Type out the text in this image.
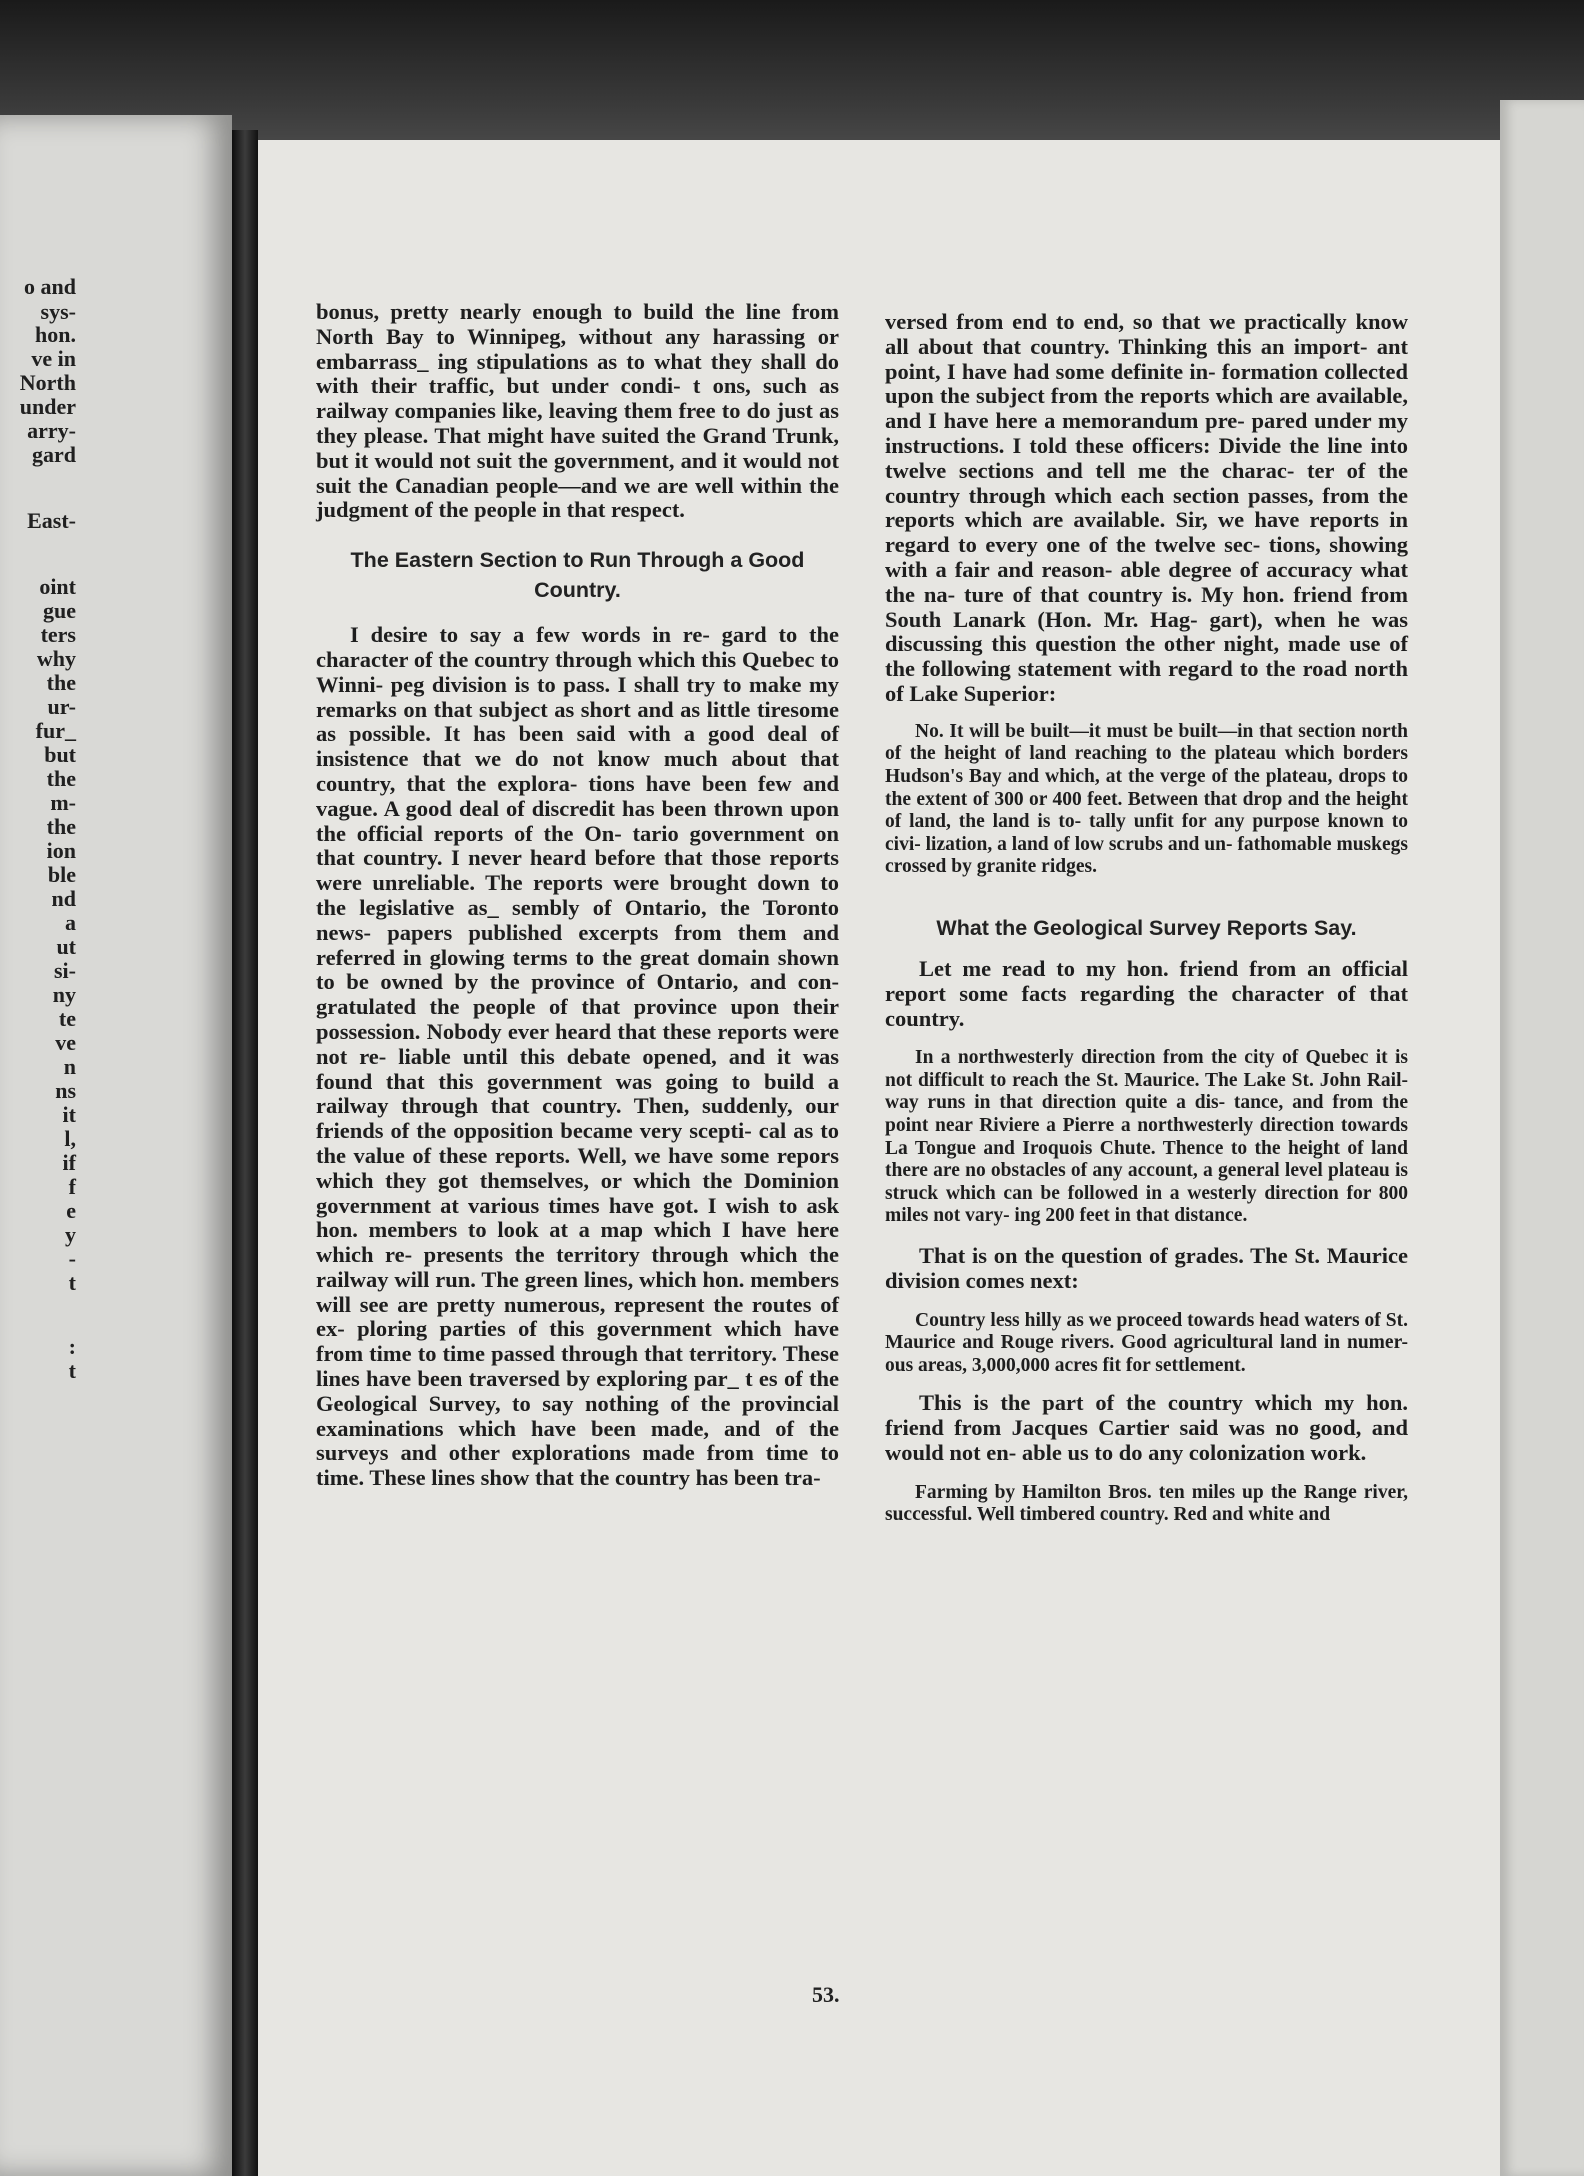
o and
sys-
hon.
ve in
North
under
arry-
gard
East-
oint
gue
ters
why
the
ur-
fur_
but
the
m-
the
ion
ble
nd
a
ut
si-
ny
te
ve
n
ns
it
l,
if
f
e
y
-
t
:
t

bonus, pretty nearly enough to build the line from North Bay to Winnipeg, without any harassing or embarrass_ ing stipulations as to what they shall do with their traffic, but under condi- t ons, such as railway companies like, leaving them free to do just as they please. That might have suited the Grand Trunk, but it would not suit the government, and it would not suit the Canadian people—and we are well within the judgment of the people in that respect.

The Eastern Section to Run Through a Good Country.

I desire to say a few words in re- gard to the character of the country through which this Quebec to Winni- peg division is to pass. I shall try to make my remarks on that subject as short and as little tiresome as possible. It has been said with a good deal of insistence that we do not know much about that country, that the explora- tions have been few and vague. A good deal of discredit has been thrown upon the official reports of the On- tario government on that country. I never heard before that those reports were unreliable. The reports were brought down to the legislative as_ sembly of Ontario, the Toronto news- papers published excerpts from them and referred in glowing terms to the great domain shown to be owned by the province of Ontario, and con- gratulated the people of that province upon their possession. Nobody ever heard that these reports were not re- liable until this debate opened, and it was found that this government was going to build a railway through that country. Then, suddenly, our friends of the opposition became very scepti- cal as to the value of these reports. Well, we have some repors which they got themselves, or which the Dominion government at various times have got. I wish to ask hon. members to look at a map which I have here which re- presents the territory through which the railway will run. The green lines, which hon. members will see are pretty numerous, represent the routes of ex- ploring parties of this government which have from time to time passed through that territory. These lines have been traversed by exploring par_ t es of the Geological Survey, to say nothing of the provincial examinations which have been made, and of the surveys and other explorations made from time to time. These lines show that the country has been tra-

versed from end to end, so that we practically know all about that country. Thinking this an import- ant point, I have had some definite in- formation collected upon the subject from the reports which are available, and I have here a memorandum pre- pared under my instructions. I told these officers: Divide the line into twelve sections and tell me the charac- ter of the country through which each section passes, from the reports which are available. Sir, we have reports in regard to every one of the twelve sec- tions, showing with a fair and reason- able degree of accuracy what the na- ture of that country is. My hon. friend from South Lanark (Hon. Mr. Hag- gart), when he was discussing this question the other night, made use of the following statement with regard to the road north of Lake Superior:

No. It will be built—it must be built—in that section north of the height of land reaching to the plateau which borders Hudson's Bay and which, at the verge of the plateau, drops to the extent of 300 or 400 feet. Between that drop and the height of land, the land is to- tally unfit for any purpose known to civi- lization, a land of low scrubs and un- fathomable muskegs crossed by granite ridges.

What the Geological Survey Reports Say.

Let me read to my hon. friend from an official report some facts regarding the character of that country.

In a northwesterly direction from the city of Quebec it is not difficult to reach the St. Maurice. The Lake St. John Rail- way runs in that direction quite a dis- tance, and from the point near Riviere a Pierre a northwesterly direction towards La Tongue and Iroquois Chute. Thence to the height of land there are no obstacles of any account, a general level plateau is struck which can be followed in a westerly direction for 800 miles not vary- ing 200 feet in that distance.

That is on the question of grades. The St. Maurice division comes next:

Country less hilly as we proceed towards head waters of St. Maurice and Rouge rivers. Good agricultural land in numer- ous areas, 3,000,000 acres fit for settlement.

This is the part of the country which my hon. friend from Jacques Cartier said was no good, and would not en- able us to do any colonization work.

Farming by Hamilton Bros. ten miles up the Range river, successful. Well timbered country. Red and white and

53.
